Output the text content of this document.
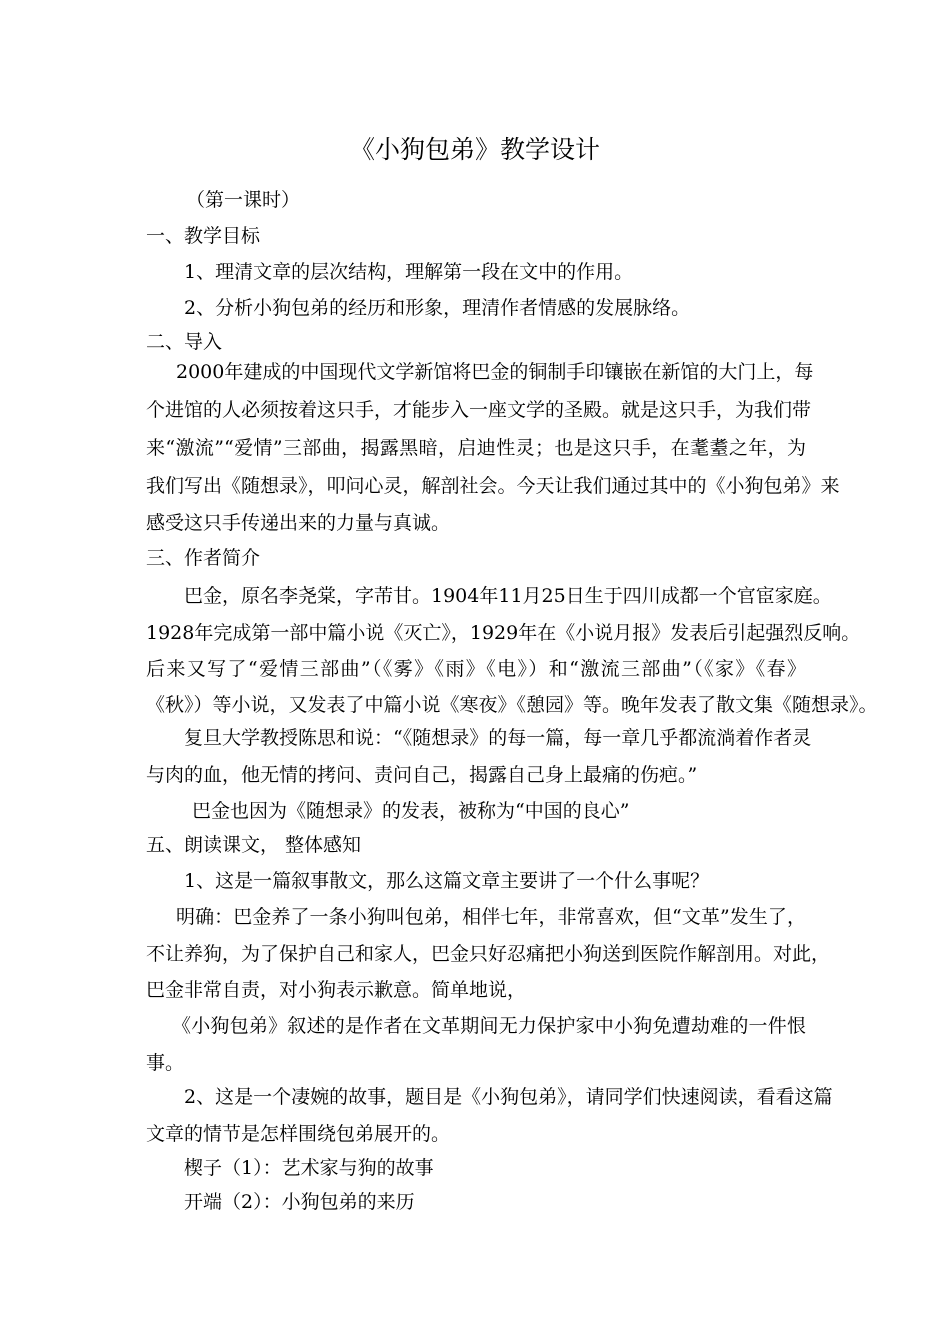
《小狗包弟》教学设计
（第一课时）
一、教学目标
1、理清文章的层次结构，理解第一段在文中的作用。
2、分析小狗包弟的经历和形象，理清作者情感的发展脉络。
二、导入
2000年建成的中国现代文学新馆将巴金的铜制手印镶嵌在新馆的大门上，每
个进馆的人必须按着这只手，才能步入一座文学的圣殿。就是这只手，为我们带
来“激流”“爱情”三部曲，揭露黑暗，启迪性灵；也是这只手，在耄耋之年，为
我们写出《随想录》，叩问心灵，解剖社会。今天让我们通过其中的《小狗包弟》来
感受这只手传递出来的力量与真诚。
三、作者简介
巴金，原名李尧棠，字芾甘。1904年11月25日生于四川成都一个官宦家庭。
1928年完成第一部中篇小说《灭亡》，1929年在《小说月报》发表后引起强烈反响。
后来又写了“爱情三部曲”（《雾》《雨》《电》）和“激流三部曲”（《家》《春》
《秋》）等小说，又发表了中篇小说《寒夜》《憩园》等。晚年发表了散文集《随想录》。
复旦大学教授陈思和说：“《随想录》的每一篇，每一章几乎都流淌着作者灵
与肉的血，他无情的拷问、责问自己，揭露自己身上最痛的伤疤。”
巴金也因为《随想录》的发表，被称为“中国的良心”
五、朗读课文， 整体感知
1、这是一篇叙事散文，那么这篇文章主要讲了一个什么事呢？
明确：巴金养了一条小狗叫包弟，相伴七年，非常喜欢，但“文革”发生了，
不让养狗，为了保护自己和家人，巴金只好忍痛把小狗送到医院作解剖用。对此，
巴金非常自责，对小狗表示歉意。简单地说，
《小狗包弟》叙述的是作者在文革期间无力保护家中小狗免遭劫难的一件恨
事。
2、这是一个凄婉的故事，题目是《小狗包弟》，请同学们快速阅读，看看这篇
文章的情节是怎样围绕包弟展开的。
楔子（1）：艺术家与狗的故事
开端（2）：小狗包弟的来历
